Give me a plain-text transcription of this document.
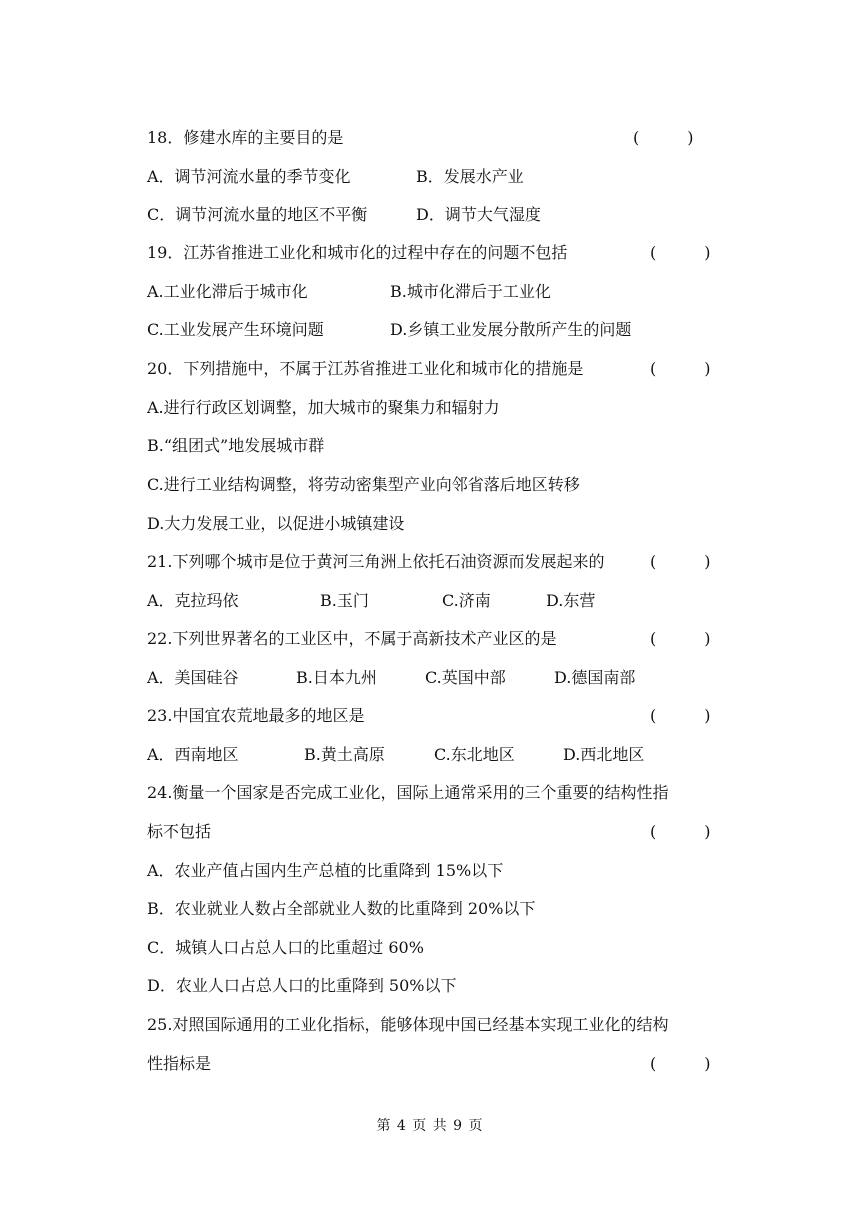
18．修建水库的主要目的是	(　　　)
A．调节河流水量的季节变化	B．发展水产业
C．调节河流水量的地区不平衡	D．调节大气湿度
19．江苏省推进工业化和城市化的过程中存在的问题不包括	(　　　)
A.工业化滞后于城市化	B.城市化滞后于工业化
C.工业发展产生环境问题	D.乡镇工业发展分散所产生的问题
20．下列措施中，不属于江苏省推进工业化和城市化的措施是	(　　　)
A.进行行政区划调整，加大城市的聚集力和辐射力
B.“组团式”地发展城市群
C.进行工业结构调整，将劳动密集型产业向邻省落后地区转移
D.大力发展工业，以促进小城镇建设
21.下列哪个城市是位于黄河三角洲上依托石油资源而发展起来的	(　　　)
A．克拉玛依	B.玉门	C.济南	D.东营
22.下列世界著名的工业区中，不属于高新技术产业区的是	(　　　)
A．美国硅谷	B.日本九州	C.英国中部	D.德国南部
23.中国宜农荒地最多的地区是	(　　　)
A．西南地区	B.黄土高原	C.东北地区	D.西北地区
24.衡量一个国家是否完成工业化，国际上通常采用的三个重要的结构性指
标不包括	(　　　)
A．农业产值占国内生产总植的比重降到 15%以下
B．农业就业人数占全部就业人数的比重降到 20%以下
C．城镇人口占总人口的比重超过 60%
D．农业人口占总人口的比重降到 50%以下
25.对照国际通用的工业化指标，能够体现中国已经基本实现工业化的结构
性指标是	(　　　)
第 4 页 共 9 页
